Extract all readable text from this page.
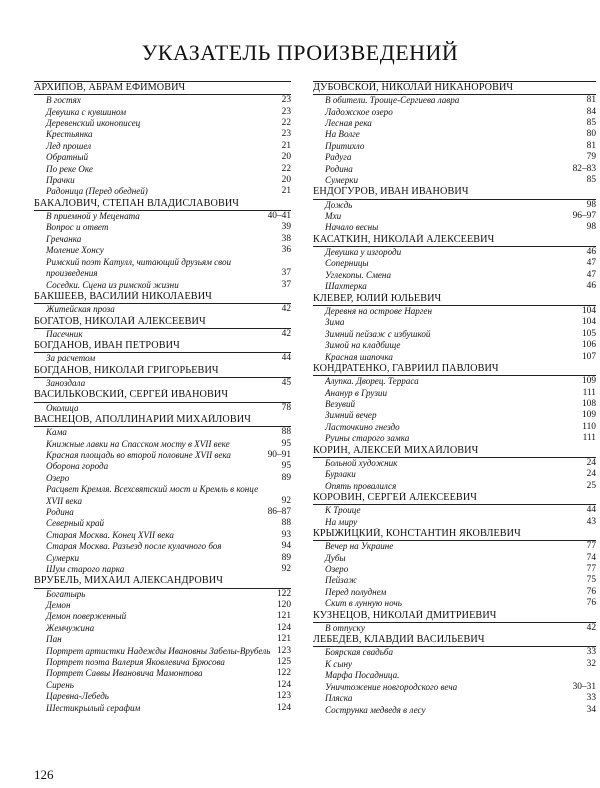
УКАЗАТЕЛЬ ПРОИЗВЕДЕНИЙ
АРХИПОВ, АБРАМ ЕФИМОВИЧ
В гостях	23
Девушка с кувшином	23
Деревенский иконописец	22
Крестьянка	23
Лед прошел	21
Обратный	20
По реке Оке	22
Прачки	20
Радоница (Перед обедней)	21
БАКАЛОВИЧ, СТЕПАН ВЛАДИСЛАВОВИЧ
В приемной у Мецената	40–41
Вопрос и ответ	39
Гречанка	38
Моление Хонсу	36
Римский поэт Катулл, читающий друзьям свои произведения	37
Соседки. Сцена из римской жизни	37
БАКШЕЕВ, ВАСИЛИЙ НИКОЛАЕВИЧ
Житейская проза	42
БОГАТОВ, НИКОЛАЙ АЛЕКСЕЕВИЧ
Пасечник	42
БОГДАНОВ, ИВАН ПЕТРОВИЧ
За расчетом	44
БОГДАНОВ, НИКОЛАЙ ГРИГОРЬЕВИЧ
Заноздала	45
ВАСИЛЬКОВСКИЙ, СЕРГЕЙ ИВАНОВИЧ
Околица	78
ВАСНЕЦОВ, АПОЛЛИНАРИЙ МИХАЙЛОВИЧ
Кама	88
Книжные лавки на Спасском мосту в XVII веке	95
Красная площадь во второй половине XVII века	90–91
Оборона города	95
Озеро	89
Расцвет Кремля. Всехсвятский мост и Кремль в конце XVII века	92
Родина	86–87
Северный край	88
Старая Москва. Конец XVII века	93
Старая Москва. Разъезд после кулачного боя	94
Сумерки	89
Шум старого парка	92
ВРУБЕЛЬ, МИХАИЛ АЛЕКСАНДРОВИЧ
Богатырь	122
Демон	120
Демон поверженный	121
Жемчужина	124
Пан	121
Портрет артистки Надежды Ивановны Забелы-Врубель 123
Портрет поэта Валерия Яковлевича Брюсова	125
Портрет Саввы Ивановича Мамонтова	122
Сирень	124
Царевна-Лебедь	123
Шестикрылый серафим	124
ДУБОВСКОЙ, НИКОЛАЙ НИКАНОРОВИЧ
В обители. Троице-Сергиева лавра	81
Ладожское озеро	84
Лесная река	85
На Волге	80
Притихло	81
Радуга	79
Родина	82–83
Сумерки	85
ЕНДОГУРОВ, ИВАН ИВАНОВИЧ
Дождь	98
Мхи	96–97
Начало весны	98
КАСАТКИН, НИКОЛАЙ АЛЕКСЕЕВИЧ
Девушка у изгороди	46
Соперницы	47
Углекопы. Смена	47
Шахтерка	46
КЛЕВЕР, ЮЛИЙ ЮЛЬЕВИЧ
Деревня на острове Нарген	104
Зима	104
Зимний пейзаж с избушкой	105
Зимой на кладбище	106
Красная шапочка	107
КОНДРАТЕНКО, ГАВРИИЛ ПАВЛОВИЧ
Алупка. Дворец. Терраса	109
Ананур в Грузии	111
Везувий	108
Зимний вечер	109
Ласточкино гнездо	110
Руины старого замка	111
КОРИН, АЛЕКСЕЙ МИХАЙЛОВИЧ
Больной художник	24
Бурлаки	24
Опять провалился	25
КОРОВИН, СЕРГЕЙ АЛЕКСЕЕВИЧ
К Троице	44
На миру	43
КРЫЖИЦКИЙ, КОНСТАНТИН ЯКОВЛЕВИЧ
Вечер на Украине	77
Дубы	74
Озеро	77
Пейзаж	75
Перед полуднем	76
Скит в лунную ночь	76
КУЗНЕЦОВ, НИКОЛАЙ ДМИТРИЕВИЧ
В отпуску	42
ЛЕБЕДЕВ, КЛАВДИЙ ВАСИЛЬЕВИЧ
Боярская свадьба	33
К сыну	32
Марфа Посадница.
Уничтожение новгородского веча	30–31
Пляска	33
Сострунка медведя в лесу	34
126
